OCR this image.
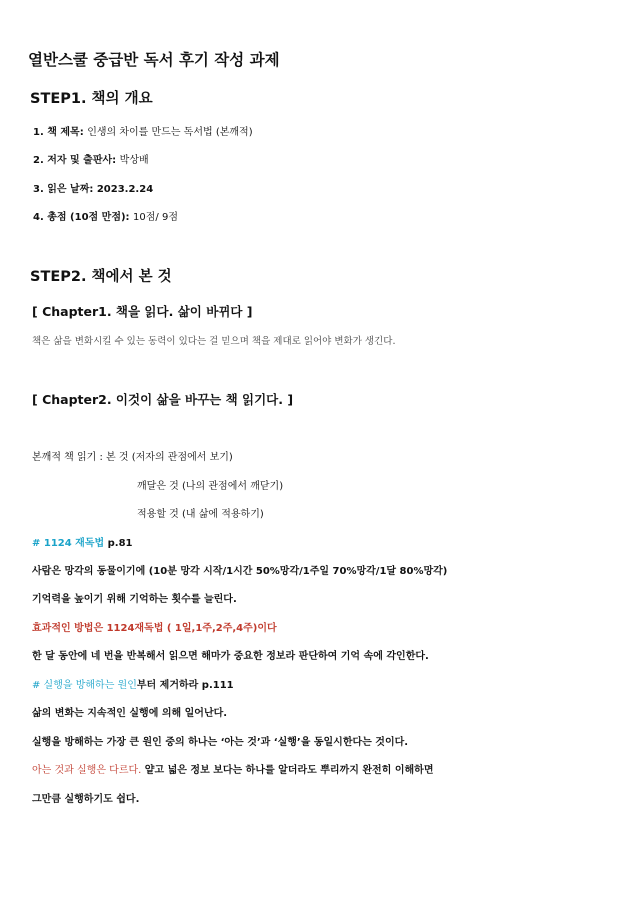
열반스쿨 중급반 독서 후기 작성 과제
STEP1. 책의 개요
1. 책 제목: 인생의 차이를 만드는 독서법 (본깨적)
2. 저자 및 출판사: 박상배
3. 읽은 날짜: 2023.2.24
4. 총점 (10점 만점): 10점/ 9점
STEP2. 책에서 본 것
[ Chapter1. 책을 읽다. 삶이 바뀌다 ]
책은 삶을 변화시킬 수 있는 동력이 있다는 걸 믿으며 책을 제대로 읽어야 변화가 생긴다.
[ Chapter2. 이것이 삶을 바꾸는 책 읽기다. ]
본깨적 책 읽기 : 본 것 (저자의 관점에서 보기)
깨달은 것 (나의 관점에서 깨닫기)
적용할 것 (내 삶에 적용하기)
# 1124 재독법 p.81
사람은 망각의 동물이기에 (10분 망각 시작/1시간 50%망각/1주일 70%망각/1달 80%망각)
기억력을 높이기 위해 기억하는 횟수를 늘린다.
효과적인 방법은 1124재독법 ( 1일,1주,2주,4주)이다
한 달 동안에 네 번을 반복해서 읽으면 해마가 중요한 정보라 판단하여 기억 속에 각인한다.
# 실행을 방해하는 원인부터 제거하라 p.111
삶의 변화는 지속적인 실행에 의해 일어난다.
실행을 방해하는 가장 큰 원인 중의 하나는 ‘아는 것’과 ‘실행’을 동일시한다는 것이다.
아는 것과 실행은 다르다. 얕고 넓은 정보 보다는 하나를 알더라도 뿌리까지 완전히 이해하면
그만큼 실행하기도 쉽다.
